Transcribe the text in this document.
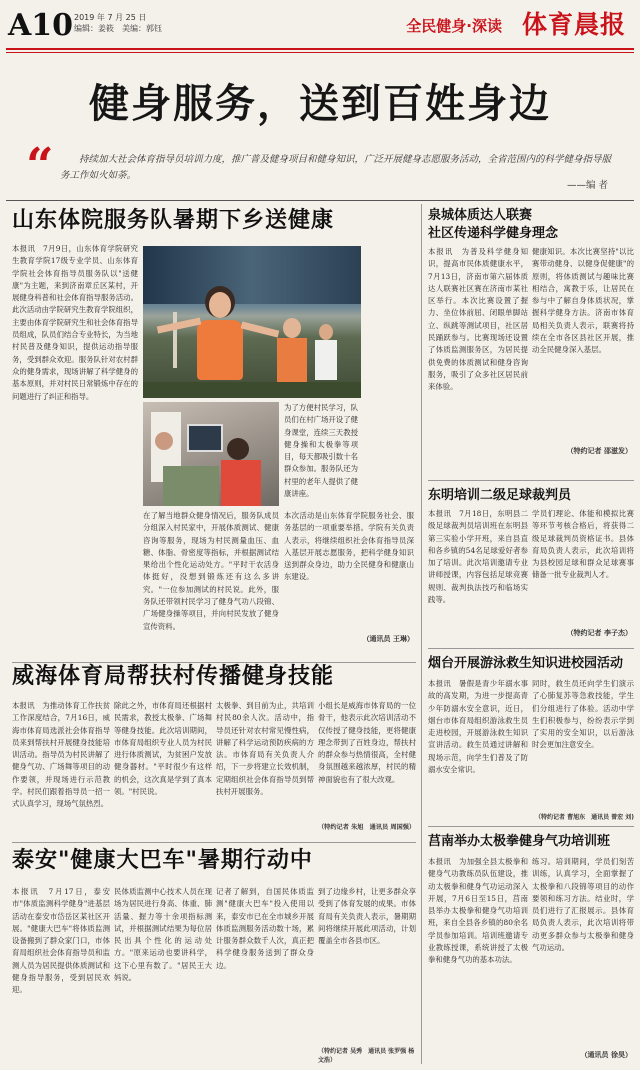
A10 2019 年 7 月 25 日
编辑：姜筱　美编：郭钰	全民健身·深读 体育晨报
健身服务，送到百姓身边
“	持续加大社会体育指导员培训力度，推广普及健身项目和健身知识，广泛开展健身志愿服务活动，全省范围内的科学健身指导服务工作如火如荼。
——编 者
山东体院服务队暑期下乡送健康
本报讯　7月9日，山东体育学院研究生教育学院17级专业学员、山东体育学院社会体育指导员服务队以"送健康"为主题，来到济南章丘区某村，开展健身科普和社会体育指导服务活动。此次活动由学院研究生教育学院组织，主要由体育学院研究生和社会体育指导员组成，队员们结合专业特长，为当地村民普及健身知识，提供运动指导服务，受到群众欢迎。服务队针对农村群众的健身需求，现场讲解了科学健身的基本原则，并对村民日常锻炼中存在的问题进行了纠正和指导。
为了方便村民学习，队员们在村广场开设了健身课堂，连续三天教授健身操和太极拳等项目，每天都吸引数十名群众参加。服务队还为村里的老年人提供了健康讲座。
在了解当地群众健身情况后，服务队成员分组深入村民家中，开展体质测试、健康咨询等服务，现场为村民测量血压、血糖、体脂、骨密度等指标，并根据测试结果给出个性化运动处方。"平时干农活身体挺好，没想到锻炼还有这么多讲究。"一位参加测试的村民说。此外，服务队还带领村民学习了健身气功八段锦、广场健身操等项目，并向村民发放了健身宣传资料。
本次活动是山东体育学院服务社会、服务基层的一项重要举措。学院有关负责人表示，将继续组织社会体育指导员深入基层开展志愿服务，把科学健身知识送到群众身边，助力全民健身和健康山东建设。
（通讯员 王琳）
威海体育局帮扶村传播健身技能
本报讯　为推动体育工作扶贫工作深度结合，7月16日，威海市体育局选派社会体育指导员来到帮扶村开展健身技能培训活动。指导员为村民讲解了健身气功、广场舞等项目的动作要领，并现场进行示范教学。村民们跟着指导员一招一式认真学习，现场气氛热烈。
除此之外，市体育局还根据村民需求，教授太极拳、广场舞等健身技能。此次培训期间，市体育局组织专业人员为村民进行体质测试，为贫困户发放健身器材。"平时很少有这样的机会，这次真是学到了真本领。"村民说。
太极拳、到目前为止，共培训村民80余人次。活动中，指导员还针对农村常见慢性病，讲解了科学运动预防疾病的方法。市体育局有关负责人介绍，下一步将建立长效机制，定期组织社会体育指导员到帮扶村开展服务。
小组长是威海市体育局的一位骨干，他表示此次培训活动不仅传授了健身技能，更将健康理念带到了百姓身边，帮扶村的群众参与热情很高，全村健身氛围越来越浓厚，村民的精神面貌也有了很大改观。
（特约记者 朱旭　通讯员 周国强）
泰安"健康大巴车"暑期行动中
本报讯　7月17日，泰安市"体质监测科学健身"进基层活动在泰安市岱岳区某社区开展。"健康大巴车"将体质监测设备搬到了群众家门口，市体育局组织社会体育指导员和监测人员为居民提供体质测试和健身指导服务，受到居民欢迎。
民体质监测中心技术人员在现场为居民进行身高、体重、肺活量、握力等十余项指标测试，并根据测试结果为每位居民出具个性化的运动处方。"原来运动也要讲科学，这下心里有数了。"居民王大妈说。
记者了解到，自国民体质监测"健康大巴车"投入使用以来，泰安市已在全市城乡开展体质监测服务活动数十场，累计服务群众数千人次，真正把科学健身服务送到了群众身边。
到了边缘乡村，让更多群众享受到了体育发展的成果。市体育局有关负责人表示，暑期期间将继续开展此项活动，计划覆盖全市各县市区。
（特约记者 吴秀　通讯员 张罗强 杨文浩）
泉城体质达人联赛
社区传递科学健身理念
本报讯　为普及科学健身知识，提高市民体质健康水平，7月13日，济南市第六届体质达人联赛社区赛在济南市某社区举行。本次比赛设置了握力、坐位体前屈、闭眼单脚站立、纵跳等测试项目，社区居民踊跃参与。比赛现场还设置了体质监测服务区，为居民提供免费的体质测试和健身咨询服务，吸引了众多社区居民前来体验。
健康知识。本次比赛坚持"以比赛带动健身、以健身促健康"的原则，将体质测试与趣味比赛相结合，寓教于乐，让居民在参与中了解自身体质状况，掌握科学健身方法。济南市体育局相关负责人表示，联赛将持续在全市各区县社区开展，推动全民健身深入基层。
（特约记者 邵滋发）
东明培训二级足球裁判员
本报讯　7月18日，东明县二级足球裁判员培训班在东明县第三实验小学开班，来自县直和各乡镇的54名足球爱好者参加了培训。此次培训邀请专业讲师授课，内容包括足球竞赛规则、裁判执法技巧和临场实践等。
学员们理论、体能和模拟比赛等环节考核合格后，将获得二级足球裁判员资格证书。县体育局负责人表示，此次培训将为县校园足球和群众足球赛事储备一批专业裁判人才。
（特约记者 李子杰）
烟台开展游泳救生知识进校园活动
本报讯　暑假是青少年溺水事故的高发期，为进一步提高青少年防溺水安全意识，近日，烟台市体育局组织游泳救生员走进校园，开展游泳救生知识宣讲活动。救生员通过讲解和现场示范，向学生们普及了防溺水安全常识。
同时，救生员还向学生们演示了心肺复苏等急救技能，学生们分组进行了体验。活动中学生们积极参与，纷纷表示学到了实用的安全知识，以后游泳时会更加注意安全。
（特约记者 曹旭东　通讯员 曾宏 刘)
莒南举办太极拳健身气功培训班
本报讯　为加强全县太极拳和健身气功教练员队伍建设，推动太极拳和健身气功运动深入开展，7月6日至15日，莒南县举办太极拳和健身气功培训班，来自全县各乡镇的80余名学员参加培训。培训班邀请专业教练授课，系统讲授了太极拳和健身气功的基本功法。
练习。培训期间，学员们刻苦训练，认真学习，全面掌握了太极拳和八段锦等项目的动作要领和练习方法。结业时，学员们进行了汇报展示。县体育局负责人表示，此次培训将带动更多群众参与太极拳和健身气功运动。
（通讯员 徐昊）
